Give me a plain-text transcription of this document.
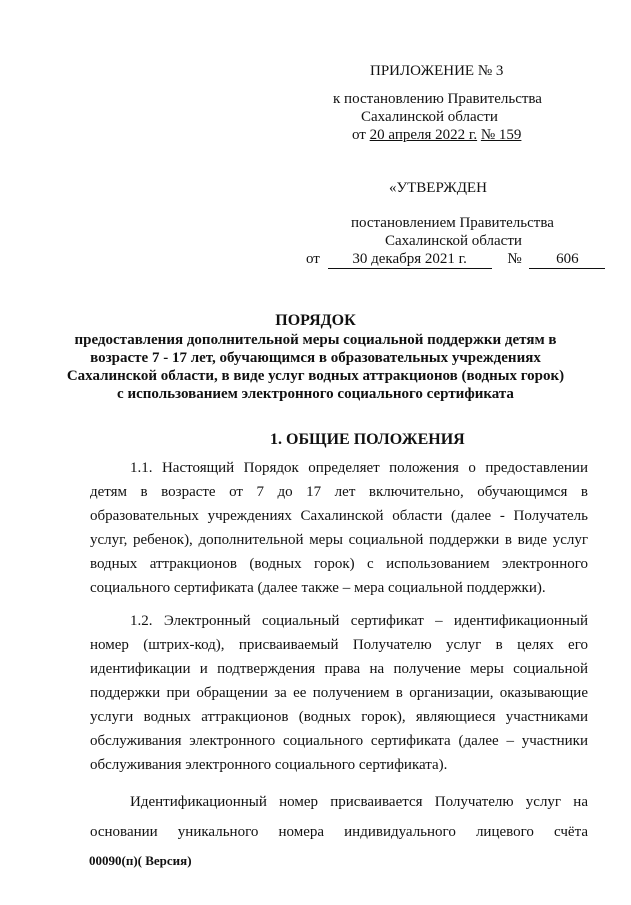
ПРИЛОЖЕНИЕ № 3
к постановлению Правительства
Сахалинской области
от 20 апреля 2022 г. № 159
«УТВЕРЖДЕН
постановлением Правительства
Сахалинской области
от 30 декабря 2021 г.	№ 606
ПОРЯДОК
предоставления дополнительной меры социальной поддержки детям в
возрасте 7 - 17 лет, обучающимся в образовательных учреждениях
Сахалинской области, в виде услуг водных аттракционов (водных горок)
с использованием электронного социального сертификата
1. ОБЩИЕ ПОЛОЖЕНИЯ
1.1. Настоящий Порядок определяет положения о предоставлении
детям в возрасте от 7 до 17 лет включительно, обучающимся в
образовательных учреждениях Сахалинской области (далее - Получатель
услуг, ребенок), дополнительной меры социальной поддержки в виде услуг
водных аттракционов (водных горок) с использованием электронного
социального сертификата (далее также – мера социальной поддержки).
1.2. Электронный социальный сертификат – идентификационный
номер (штрих-код), присваиваемый Получателю услуг в целях его
идентификации и подтверждения права на получение меры социальной
поддержки при обращении за ее получением в организации, оказывающие
услуги водных аттракционов (водных горок), являющиеся участниками
обслуживания электронного социального сертификата (далее – участники
обслуживания электронного социального сертификата).
Идентификационный номер присваивается Получателю услуг на
основании уникального номера индивидуального лицевого счёта
00090(п)( Версия)
